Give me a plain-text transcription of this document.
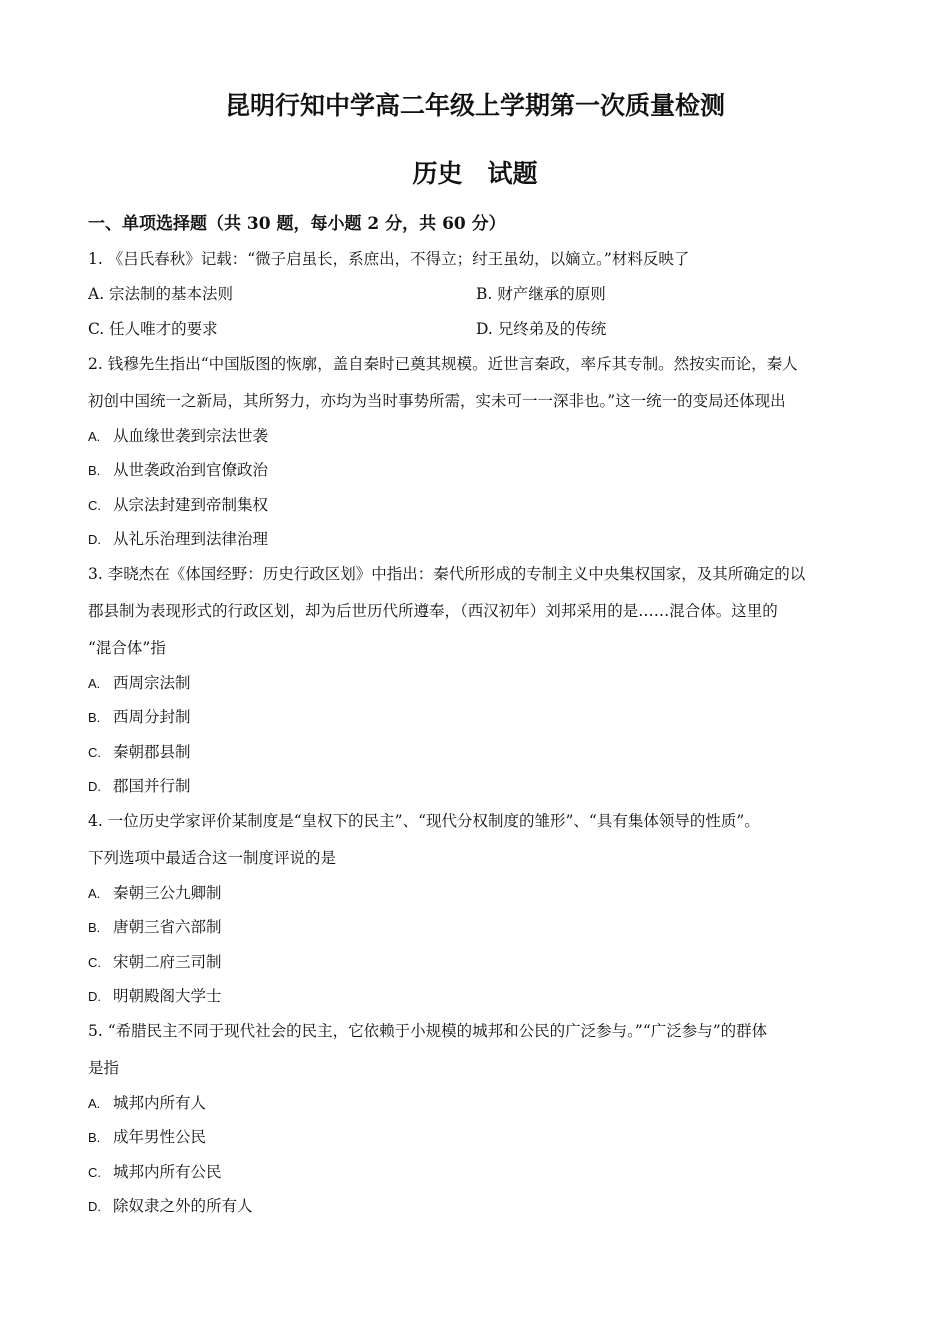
昆明行知中学高二年级上学期第一次质量检测
历史　试题

一、单项选择题（共 30 题，每小题 2 分，共 60 分）

1. 《吕氏春秋》记载：“微子启虽长，系庶出，不得立；纣王虽幼，以嫡立。”材料反映了

A. 宗法制的基本法则	B. 财产继承的原则

C. 任人唯才的要求	D. 兄终弟及的传统

2. 钱穆先生指出“中国版图的恢廓，盖自秦时已奠其规模。近世言秦政，率斥其专制。然按实而论，秦人

初创中国统一之新局，其所努力，亦均为当时事势所需，实未可一一深非也。”这一统一的变局还体现出

A. 从血缘世袭到宗法世袭

B. 从世袭政治到官僚政治

C. 从宗法封建到帝制集权

D. 从礼乐治理到法律治理

3. 李晓杰在《体国经野：历史行政区划》中指出：秦代所形成的专制主义中央集权国家，及其所确定的以

郡县制为表现形式的行政区划，却为后世历代所遵奉，（西汉初年）刘邦采用的是……混合体。这里的

“混合体”指

A. 西周宗法制

B. 西周分封制

C. 秦朝郡县制

D. 郡国并行制

4. 一位历史学家评价某制度是“皇权下的民主”、“现代分权制度的雏形”、“具有集体领导的性质”。

下列选项中最适合这一制度评说的是

A. 秦朝三公九卿制

B. 唐朝三省六部制

C. 宋朝二府三司制

D. 明朝殿阁大学士

5. “希腊民主不同于现代社会的民主，它依赖于小规模的城邦和公民的广泛参与。”“广泛参与”的群体

是指

A. 城邦内所有人

B. 成年男性公民

C. 城邦内所有公民

D. 除奴隶之外的所有人
